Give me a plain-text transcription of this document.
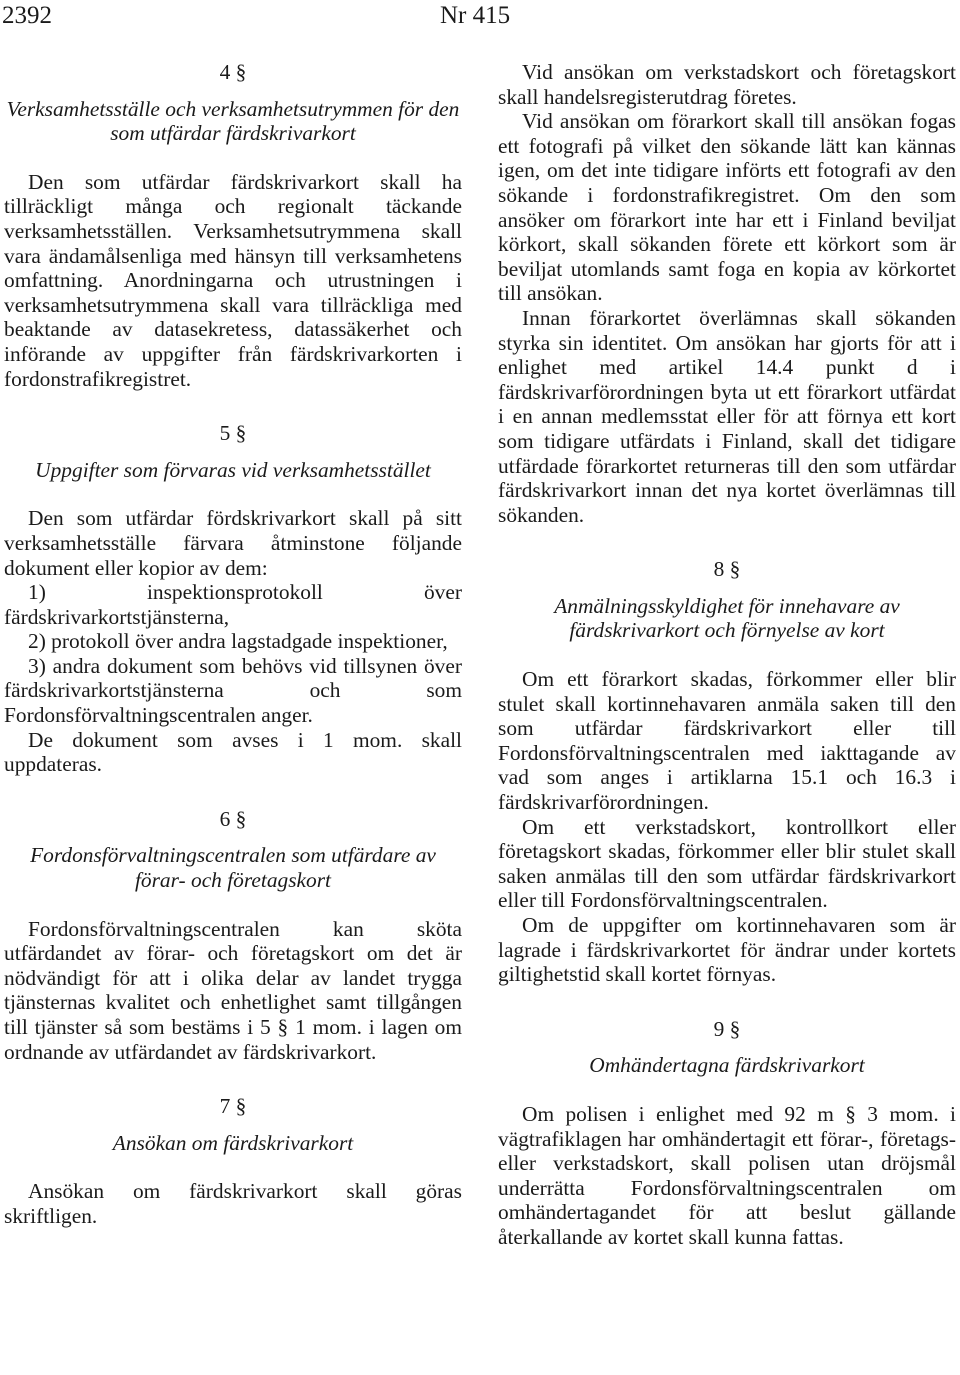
2392	Nr 415

4 §

Verksamhetsställe och verksamhetsutrymmen för den som utfärdar färdskrivarkort

Den som utfärdar färdskrivarkort skall ha tillräckligt många och regionalt täckande verksamhetsställen. Verksamhetsutrymmena skall vara ändamålsenliga med hänsyn till verksamhetens omfattning. Anordningarna och utrustningen i verksamhetsutrymmena skall vara tillräckliga med beaktande av datasekretess, datassäkerhet och införande av uppgifter från färdskrivarkorten i fordonstrafikregistret.

5 §

Uppgifter som förvaras vid verksamhetsstället

Den som utfärdar fördskrivarkort skall på sitt verksamhetsställe färvara åtminstone följande dokument eller kopior av dem:

1) inspektionsprotokoll över färdskrivarkortstjänsterna,

2) protokoll över andra lagstadgade inspektioner,

3) andra dokument som behövs vid tillsynen över färdskrivarkortstjänsterna och som Fordonsförvaltningscentralen anger.

De dokument som avses i 1 mom. skall uppdateras.

6 §

Fordonsförvaltningscentralen som utfärdare av förar- och företagskort

Fordonsförvaltningscentralen kan sköta utfärdandet av förar- och företagskort om det är nödvändigt för att i olika delar av landet trygga tjänsternas kvalitet och enhetlighet samt tillgången till tjänster så som bestäms i 5 § 1 mom. i lagen om ordnande av utfärdandet av färdskrivarkort.

7 §

Ansökan om färdskrivarkort

Ansökan om färdskrivarkort skall göras skriftligen.

Vid ansökan om verkstadskort och företagskort skall handelsregisterutdrag företes.

Vid ansökan om förarkort skall till ansökan fogas ett fotografi på vilket den sökande lätt kan kännas igen, om det inte tidigare införts ett fotografi av den sökande i fordonstrafikregistret. Om den som ansöker om förarkort inte har ett i Finland beviljat körkort, skall sökanden förete ett körkort som är beviljat utomlands samt foga en kopia av körkortet till ansökan.

Innan förarkortet överlämnas skall sökanden styrka sin identitet. Om ansökan har gjorts för att i enlighet med artikel 14.4 punkt d i färdskrivarförordningen byta ut ett förarkort utfärdat i en annan medlemsstat eller för att förnya ett kort som tidigare utfärdats i Finland, skall det tidigare utfärdade förarkortet returneras till den som utfärdar färdskrivarkort innan det nya kortet överlämnas till sökanden.

8 §

Anmälningsskyldighet för innehavare av färdskrivarkort och förnyelse av kort

Om ett förarkort skadas, förkommer eller blir stulet skall kortinnehavaren anmäla saken till den som utfärdar färdskrivarkort eller till Fordonsförvaltningscentralen med iakttagande av vad som anges i artiklarna 15.1 och 16.3 i färdskrivarförordningen.

Om ett verkstadskort, kontrollkort eller företagskort skadas, förkommer eller blir stulet skall saken anmälas till den som utfärdar färdskrivarkort eller till Fordonsförvaltningscentralen.

Om de uppgifter om kortinnehavaren som är lagrade i färdskrivarkortet för ändrar under kortets giltighetstid skall kortet förnyas.

9 §

Omhändertagna färdskrivarkort

Om polisen i enlighet med 92 m § 3 mom. i vägtrafiklagen har omhändertagit ett förar-, företags- eller verkstadskort, skall polisen utan dröjsmål underrätta Fordonsförvaltningscentralen om omhändertagandet för att beslut gällande återkallande av kortet skall kunna fattas.
